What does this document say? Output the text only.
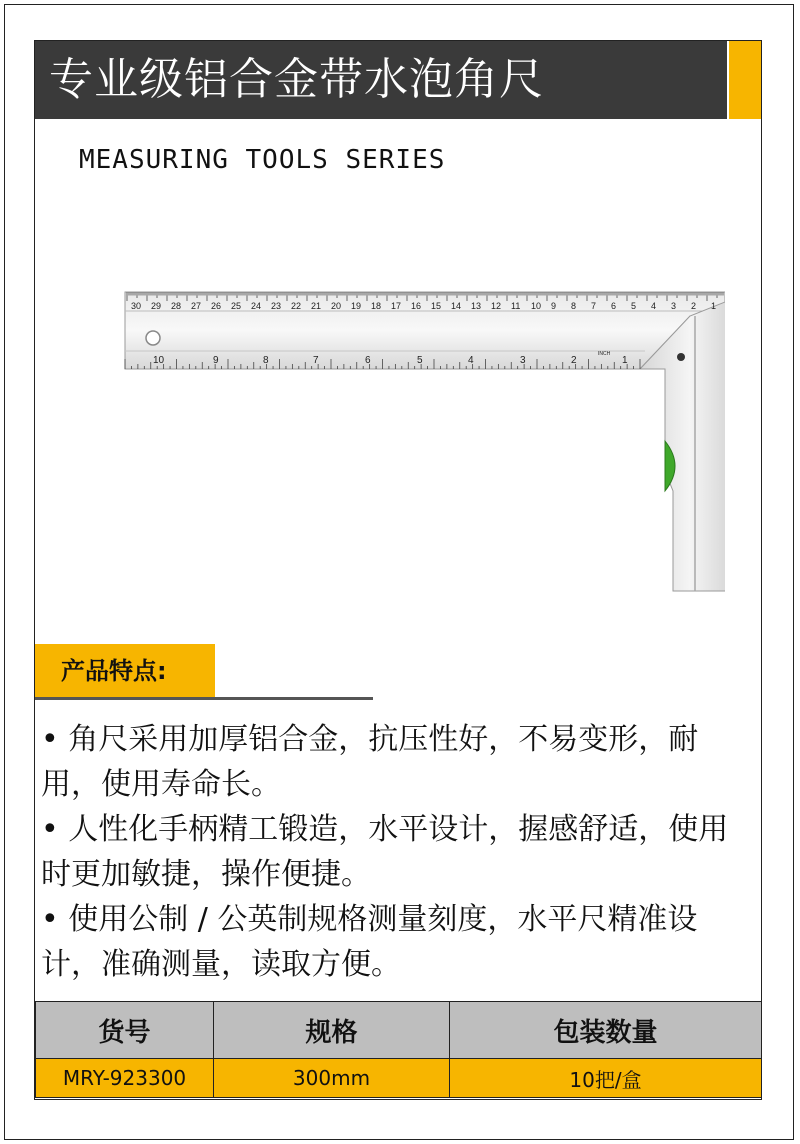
专业级铝合金带水泡角尺
MEASURING TOOLS SERIES
30 29 28 27 26 25 24 23 22 21 20 19 18 17 16 15 14 13 12 11 10 9 8 7 6 5 4 3 2 1
10	9	8	7	6	5	4	3	2	1
INCH
产品特点:
• 角尺采用加厚铝合金，抗压性好，不易变形，耐用，使用寿命长。
• 人性化手柄精工锻造，水平设计，握感舒适，使用时更加敏捷，操作便捷。
• 使用公制 / 公英制规格测量刻度，水平尺精准设计，准确测量，读取方便。
货号	规格	包装数量
MRY-923300	300mm	10把/盒
